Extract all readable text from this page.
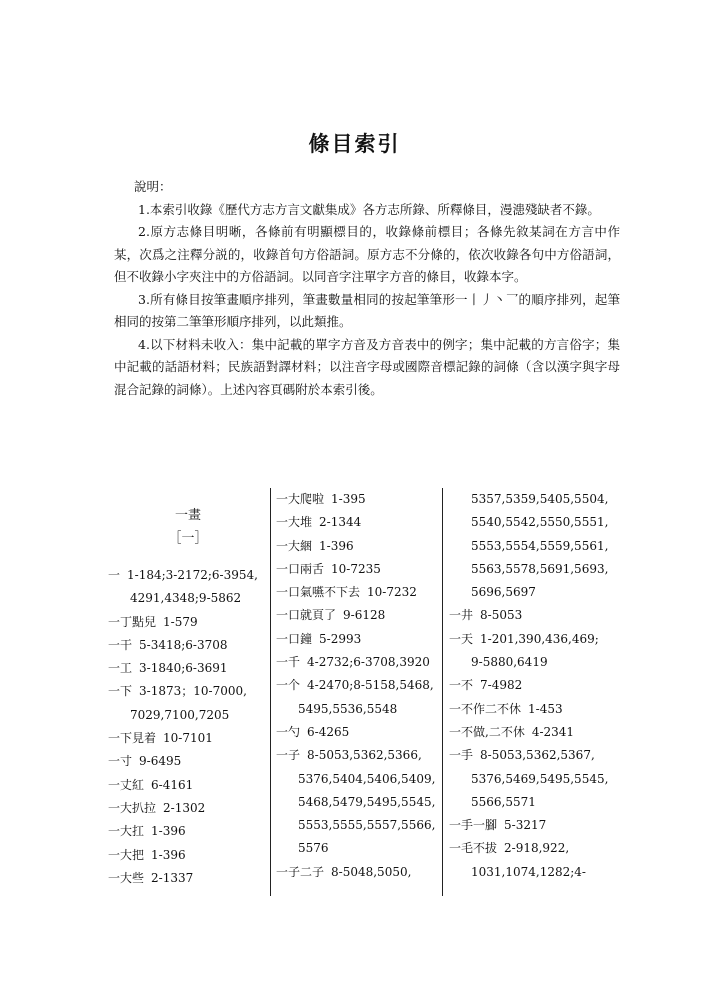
條目索引

說明：

1.本索引收錄《歷代方志方言文獻集成》各方志所錄、所釋條目，漫漶殘缺者不錄。

2.原方志條目明晰，各條前有明顯標目的，收錄條前標目；各條先敘某詞在方言中作某，次爲之注釋分説的，收錄首句方俗語詞。原方志不分條的，依次收錄各句中方俗語詞，但不收錄小字夾注中的方俗語詞。以同音字注單字方音的條目，收錄本字。

3.所有條目按筆畫順序排列，筆畫數量相同的按起筆筆形一丨丿丶乛的順序排列，起筆相同的按第二筆筆形順序排列，以此類推。

4.以下材料未收入：集中記載的單字方音及方音表中的例字；集中記載的方言俗字；集中記載的話語材料；民族語對譯材料；以注音字母或國際音標記錄的詞條（含以漢字與字母混合記錄的詞條）。上述內容頁碼附於本索引後。

一畫
［一］
一 1-184;3-2172;6-3954,
4291,4348;9-5862
一丁點兒 1-579
一干 5-3418;6-3708
一工 3-1840;6-3691
一下 3-1873；10-7000,
7029,7100,7205
一下見着 10-7101
一寸 9-6495
一丈紅 6-4161
一大扒拉 2-1302
一大扛 1-396
一大把 1-396
一大些 2-1337
一大爬啦 1-395
一大堆 2-1344
一大綑 1-396
一口兩舌 10-7235
一口氣嚥不下去 10-7232
一口就頁了 9-6128
一口鐘 5-2993
一千 4-2732;6-3708,3920
一个 4-2470;8-5158,5468,
5495,5536,5548
一勺 6-4265
一子 8-5053,5362,5366,
5376,5404,5406,5409,
5468,5479,5495,5545,
5553,5555,5557,5566,
5576
一子二子 8-5048,5050,
5357,5359,5405,5504,
5540,5542,5550,5551,
5553,5554,5559,5561,
5563,5578,5691,5693,
5696,5697
一井 8-5053
一天 1-201,390,436,469;
9-5880,6419
一不 7-4982
一不作二不休 1-453
一不做,二不休 4-2341
一手 8-5053,5362,5367,
5376,5469,5495,5545,
5566,5571
一手一腳 5-3217
一毛不拔 2-918,922,
1031,1074,1282;4-
